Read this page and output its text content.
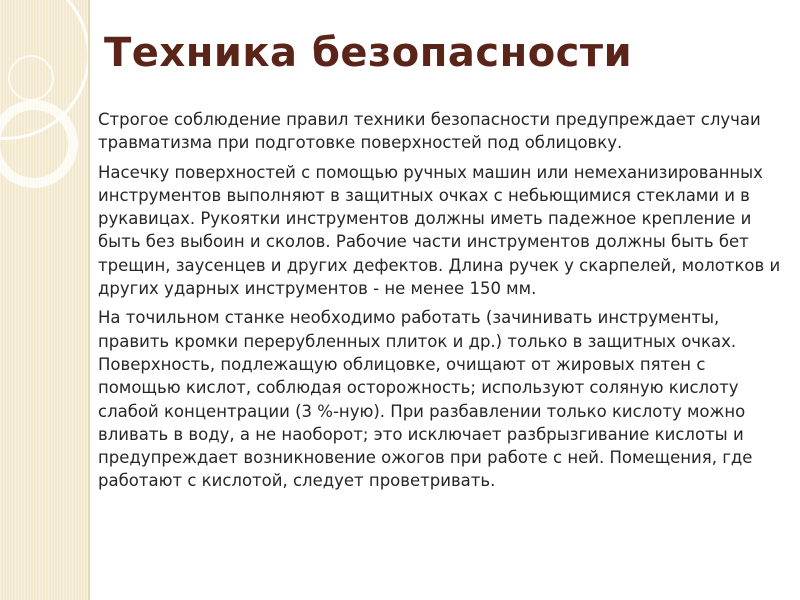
Техника безопасности

Строгое соблюдение правил техники безопасности предупреждает случаи травматизма при подготовке поверхностей под облицовку.

Насечку поверхностей с помощью ручных машин или немеханизированных инструментов выполняют в защитных очках с небьющимися стеклами и в рукавицах. Рукоятки инструментов должны иметь падежное крепление и быть без выбоин и сколов. Рабочие части инструментов должны быть бет трещин, заусенцев и других дефектов. Длина ручек у скарпелей, молотков и других ударных инструментов - не менее 150 мм.

На точильном станке необходимо работать (зачинивать инструменты, править кромки перерубленных плиток и др.) только в защитных очках. Поверхность, подлежащую облицовке, очищают от жировых пятен с помощью кислот, соблюдая осторожность; используют соляную кислоту слабой концентрации (3 %-ную). При разбавлении только кислоту можно вливать в воду, а не наоборот; это исключает разбрызгивание кислоты и предупреждает возникновение ожогов при работе с ней. Помещения, где работают с кислотой, следует проветривать.
